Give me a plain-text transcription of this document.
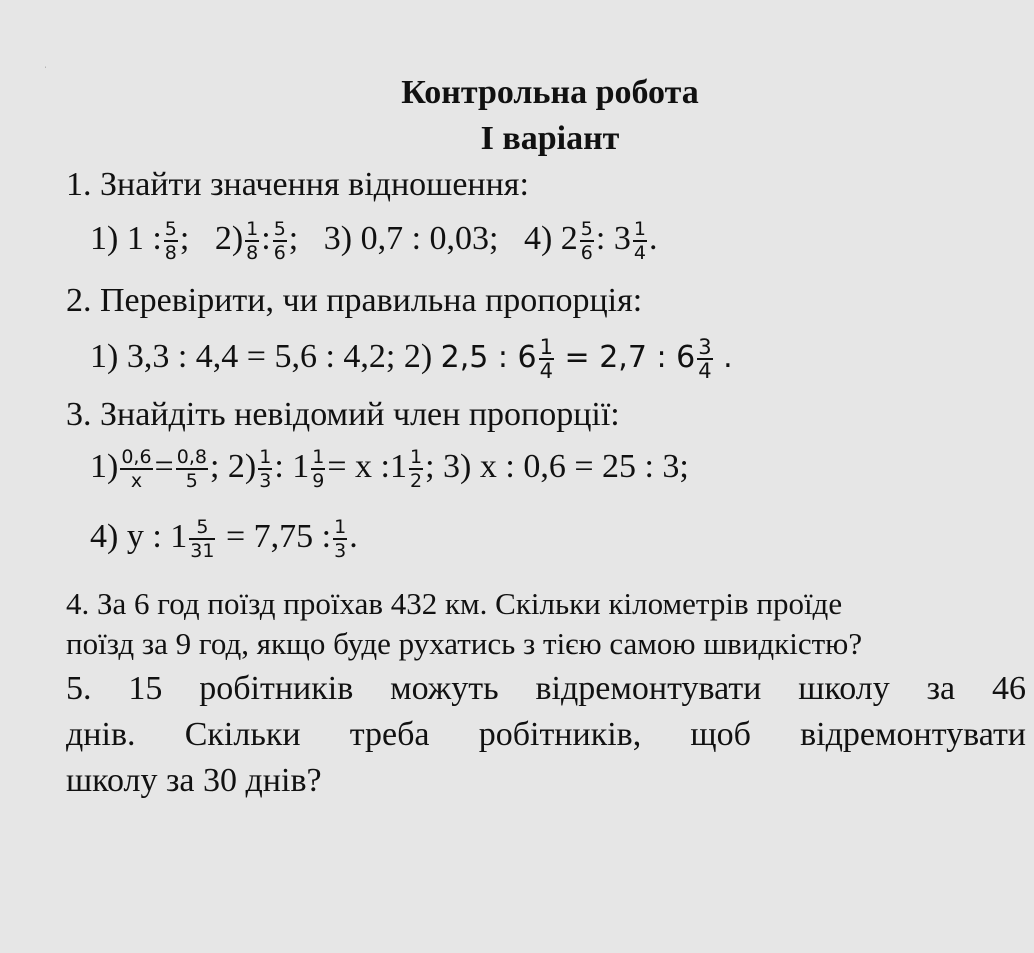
ˌ
Контрольна робота
І варіант
1. Знайти значення відношення:
1) 1 : $\frac{5}{8}$ ; $2) \frac{1}{8}$ : $\frac{5}{6}$ ; 3) 0,7 : 0,03; 4) $2 \frac{5}{6}$ : $3 \frac{1}{4}$ .
2. Перевірити, чи правильна пропорція:
1) 3,3 : 4,4 = 5,6 : 4,2; 2) 2,5 : $6 \frac{1}{4} = 2,7$ : $6 \frac{3}{4}$ .
3. Знайдіть невідомий член пропорції:
$1) \frac{0,6}{x} = \frac{0,8}{5}$ ; $2) \frac{1}{3}$ : $1 \frac{1}{9} = x$ :1 $\frac{1}{2}$ ; 3) x : 0,6 = 25 : 3;
4) y : $1 \frac{5}{31} = 7,75$ : $\frac{1}{3}$ .
4. За 6 год поїзд проїхав 432 км. Скільки кілометрів проїде
поїзд за 9 год, якщо буде рухатись з тією самою швидкістю?
5. 15 робітників можуть відремонтувати школу за 46
днів. Скільки треба робітників, щоб відремонтувати
школу за 30 днів?
